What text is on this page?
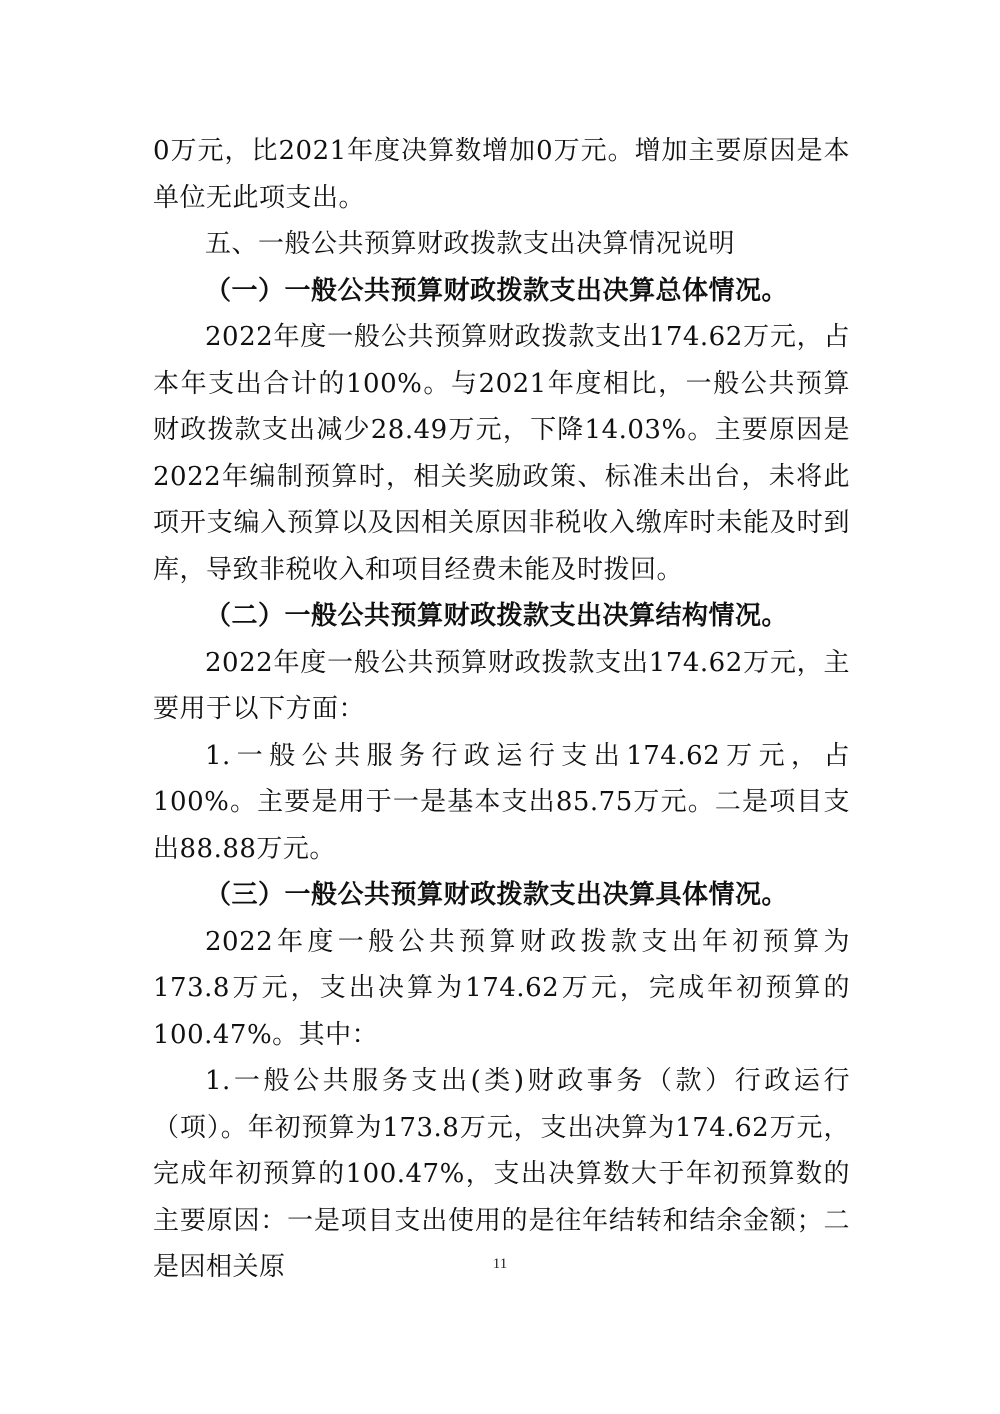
0万元，比2021年度决算数增加0万元。增加主要原因是本单位无此项支出。

五、一般公共预算财政拨款支出决算情况说明

（一）一般公共预算财政拨款支出决算总体情况。

2022年度一般公共预算财政拨款支出174.62万元，占本年支出合计的100%。与2021年度相比，一般公共预算财政拨款支出减少28.49万元，下降14.03%。主要原因是2022年编制预算时，相关奖励政策、标准未出台，未将此项开支编入预算以及因相关原因非税收入缴库时未能及时到库，导致非税收入和项目经费未能及时拨回。

（二）一般公共预算财政拨款支出决算结构情况。

2022年度一般公共预算财政拨款支出174.62万元，主要用于以下方面：

1.一般公共服务行政运行支出174.62万元，占100%。主要是用于一是基本支出85.75万元。二是项目支出88.88万元。

（三）一般公共预算财政拨款支出决算具体情况。

2022年度一般公共预算财政拨款支出年初预算为173.8万元，支出决算为174.62万元，完成年初预算的100.47%。其中：

1.一般公共服务支出(类)财政事务（款）行政运行（项）。年初预算为173.8万元，支出决算为174.62万元，完成年初预算的100.47%，支出决算数大于年初预算数的主要原因：一是项目支出使用的是往年结转和结余金额；二是因相关原	11
